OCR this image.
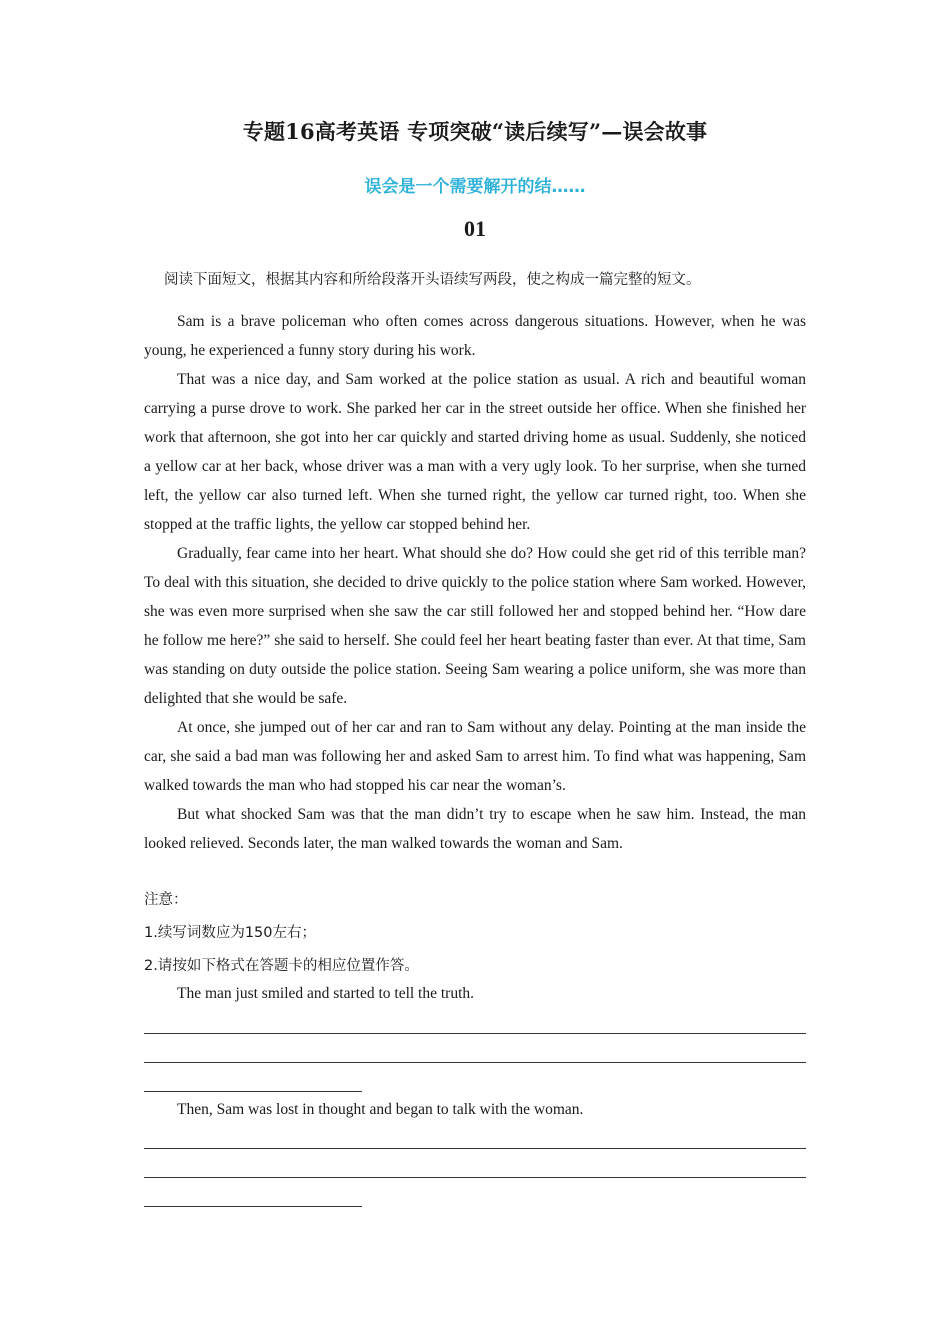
专题16高考英语 专项突破“读后续写”—误会故事
误会是一个需要解开的结……
01
阅读下面短文，根据其内容和所给段落开头语续写两段，使之构成一篇完整的短文。

Sam is a brave policeman who often comes across dangerous situations. However, when he was young, he experienced a funny story during his work.

That was a nice day, and Sam worked at the police station as usual. A rich and beautiful woman carrying a purse drove to work. She parked her car in the street outside her office. When she finished her work that afternoon, she got into her car quickly and started driving home as usual. Suddenly, she noticed a yellow car at her back, whose driver was a man with a very ugly look. To her surprise, when she turned left, the yellow car also turned left. When she turned right, the yellow car turned right, too. When she stopped at the traffic lights, the yellow car stopped behind her.

Gradually, fear came into her heart. What should she do? How could she get rid of this terrible man? To deal with this situation, she decided to drive quickly to the police station where Sam worked. However, she was even more surprised when she saw the car still followed her and stopped behind her. “How dare he follow me here?” she said to herself. She could feel her heart beating faster than ever. At that time, Sam was standing on duty outside the police station. Seeing Sam wearing a police uniform, she was more than delighted that she would be safe.

At once, she jumped out of her car and ran to Sam without any delay. Pointing at the man inside the car, she said a bad man was following her and asked Sam to arrest him. To find what was happening, Sam walked towards the man who had stopped his car near the woman’s.

But what shocked Sam was that the man didn’t try to escape when he saw him. Instead, the man looked relieved. Seconds later, the man walked towards the woman and Sam.

注意：
1.续写词数应为150左右；
2.请按如下格式在答题卡的相应位置作答。
The man just smiled and started to tell the truth.
Then, Sam was lost in thought and began to talk with the woman.
